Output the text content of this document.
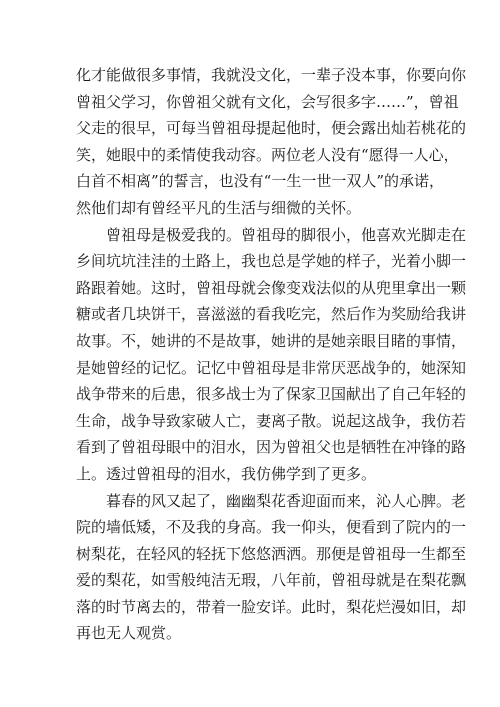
化才能做很多事情，我就没文化，一辈子没本事，你要向你
曾祖父学习，你曾祖父就有文化，会写很多字……”，曾祖
父走的很早，可每当曾祖母提起他时，便会露出灿若桃花的
笑，她眼中的柔情使我动容。两位老人没有“愿得一人心，
白首不相离”的誓言，也没有“一生一世一双人”的承诺，
然他们却有曾经平凡的生活与细微的关怀。
曾祖母是极爱我的。曾祖母的脚很小，他喜欢光脚走在
乡间坑坑洼洼的土路上，我也总是学她的样子，光着小脚一
路跟着她。这时，曾祖母就会像变戏法似的从兜里拿出一颗
糖或者几块饼干，喜滋滋的看我吃完，然后作为奖励给我讲
故事。不，她讲的不是故事，她讲的是她亲眼目睹的事情，
是她曾经的记忆。记忆中曾祖母是非常厌恶战争的，她深知
战争带来的后患，很多战士为了保家卫国献出了自己年轻的
生命，战争导致家破人亡，妻离子散。说起这战争，我仿若
看到了曾祖母眼中的泪水，因为曾祖父也是牺牲在冲锋的路
上。透过曾祖母的泪水，我仿佛学到了更多。
暮春的风又起了，幽幽梨花香迎面而来，沁人心脾。老
院的墙低矮，不及我的身高。我一仰头，便看到了院内的一
树梨花，在轻风的轻抚下悠悠洒洒。那便是曾祖母一生都至
爱的梨花，如雪般纯洁无瑕，八年前，曾祖母就是在梨花飘
落的时节离去的，带着一脸安详。此时，梨花烂漫如旧，却
再也无人观赏。
